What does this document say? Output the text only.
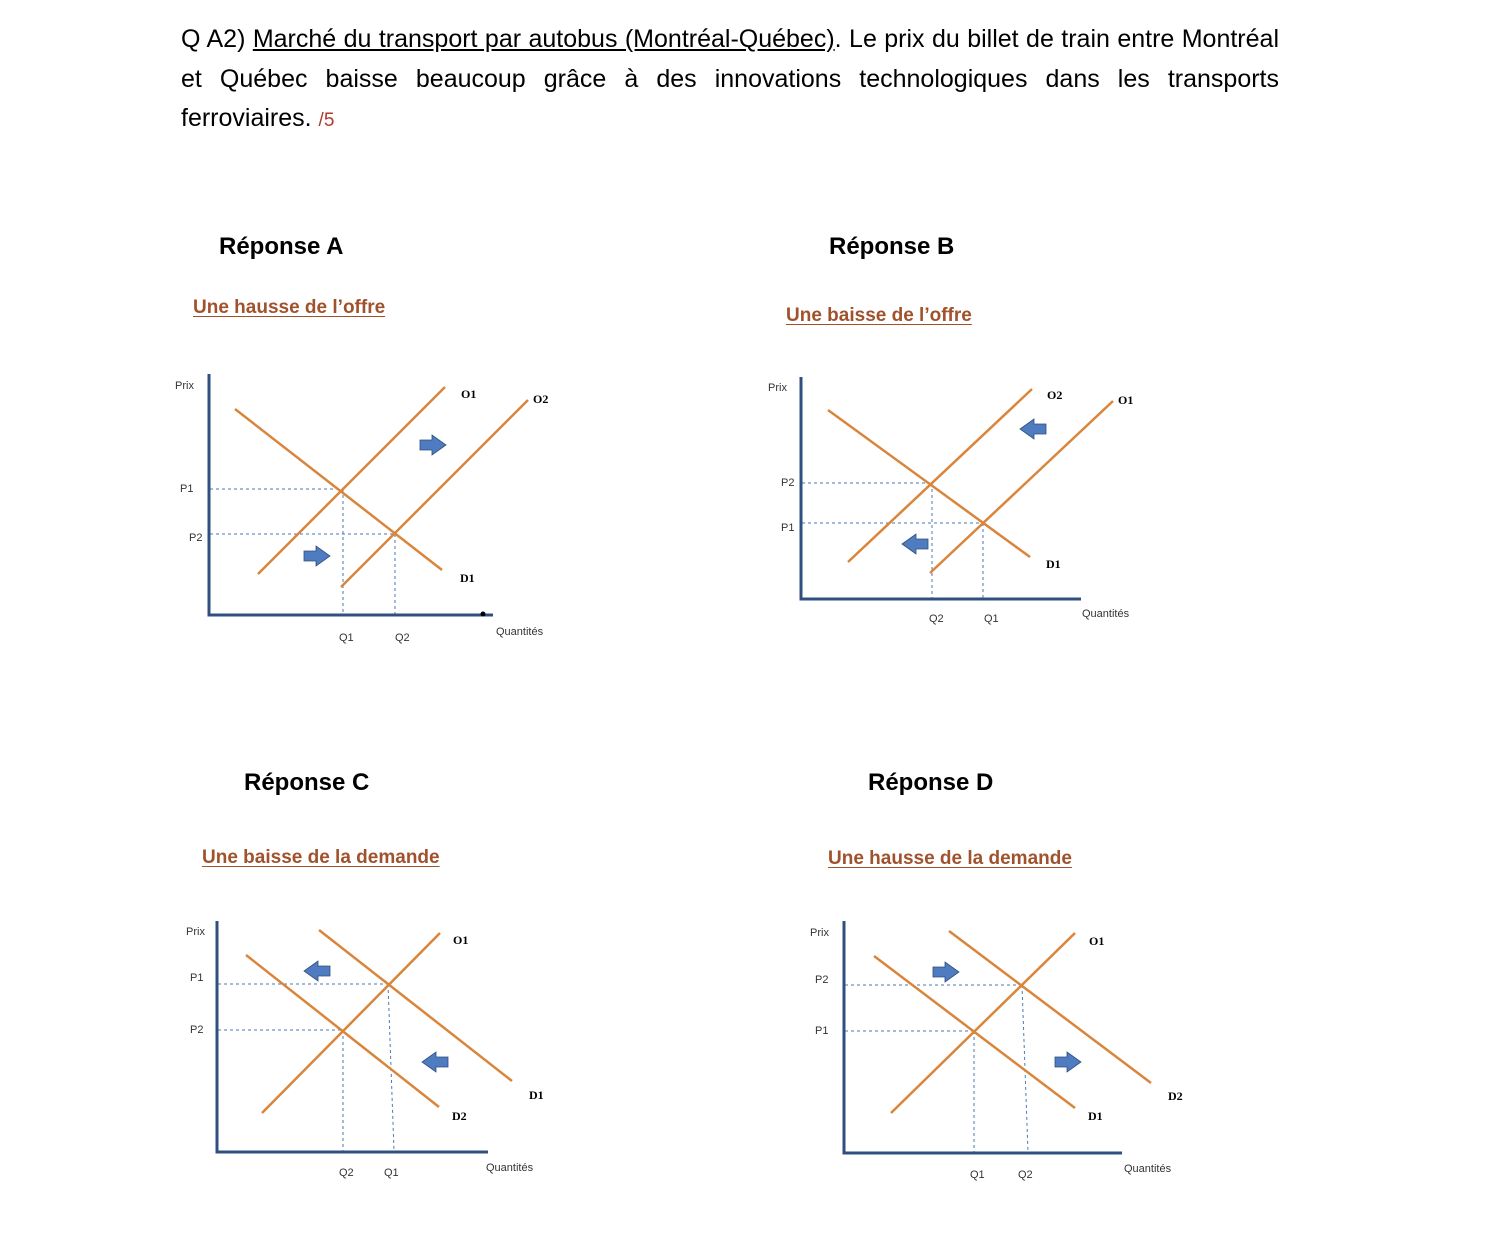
Q A2) Marché du transport par autobus (Montréal-Québec). Le prix du billet de train entre Montréal et Québec baisse beaucoup grâce à des innovations technologiques dans les transports ferroviaires. /5

Réponse A
Une hausse de l’offre
Prix
Quantités
P1
P2
Q1	Q2
O1	O2
D1
Réponse B
Une baisse de l’offre
Prix
Quantités
P2
P1
Q2	Q1
O2	O1
D1
Réponse C
Une baisse de la demande
Prix
Quantités
P1
P2
Q2	Q1
O1
D1
D2
Réponse D
Une hausse de la demande
Prix
Quantités
P2
P1
Q1	Q2
O1
D2
D1
